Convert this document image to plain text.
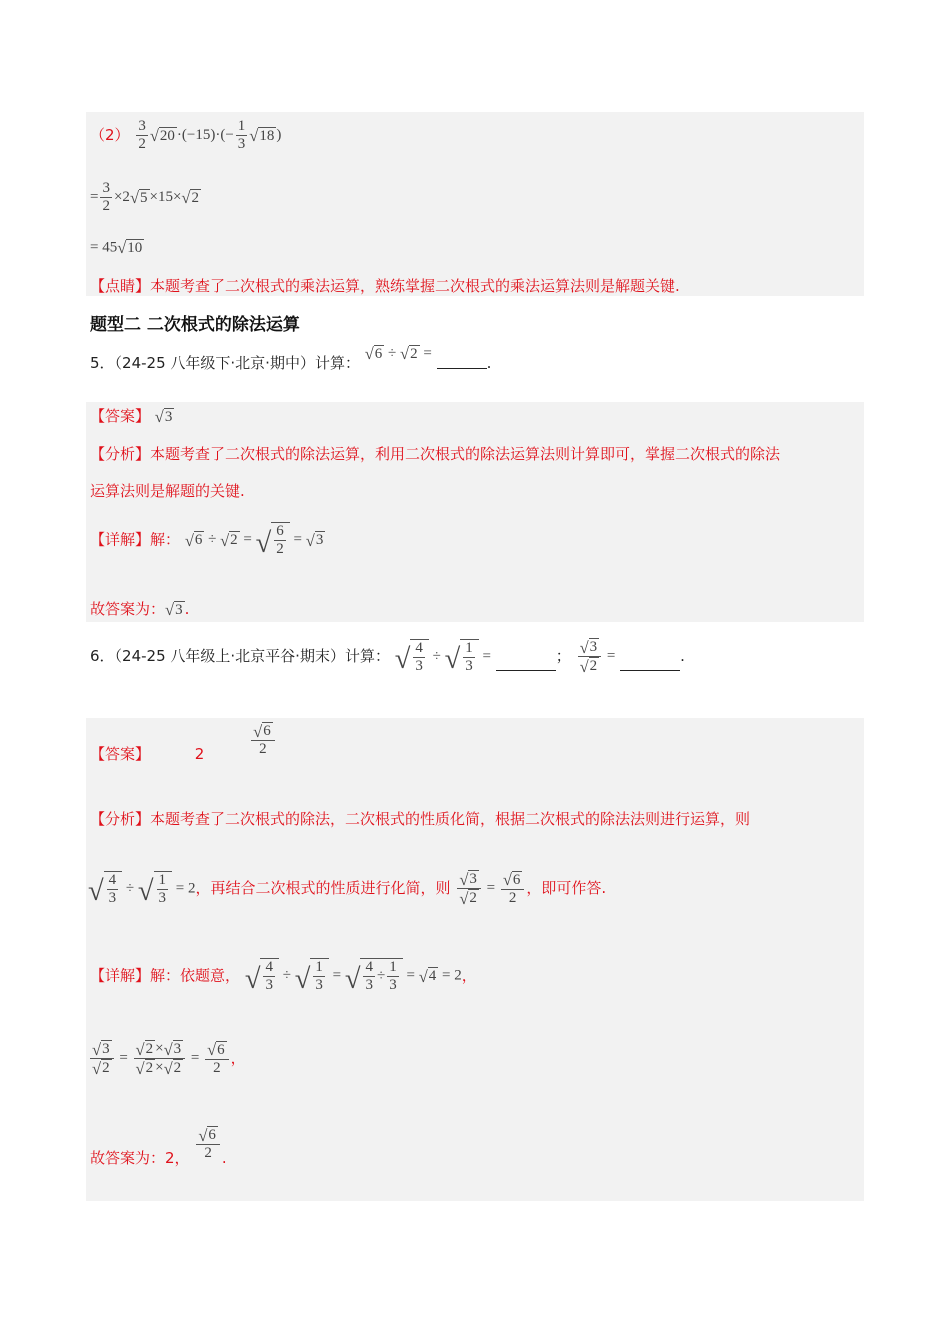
$(2) \frac{3}{2}$ √ $20 \cdot(-15)\cdot(- \frac{1}{3}$ √ 18 )
= $\frac{3}{2} \times 2$ √ 5 ×15× √ 2
= 45 √ 10
【点睛】本题考查了二次根式的乘法运算，熟练掌握二次根式的乘法运算法则是解题关键.
题型二 二次根式的除法运算
5．（24-25 八年级下·北京·期中）计算： √ 6 ÷ √ 2 = .
【答案】 √ 3
【分析】本题考查了二次根式的除法运算，利用二次根式的除法运算法则计算即可，掌握二次根式的除法
运算法则是解题的关键.
【详解】解： √ 6 ÷ √ 2 = √ $\frac{6}{2}$ = √ 3
故答案为： √ 3 .
6．（24-25 八年级上·北京平谷·期末）计算： √ $\frac{4}{3}$ ÷ √ $\frac{1}{3}$ =	； $\frac{√ 3}{√ 2}$ =	.
【答案】	2	$\frac{√ 6}{2}$
【分析】本题考查了二次根式的除法，二次根式的性质化简，根据二次根式的除法法则进行运算，则
√ $\frac{4}{3}$ ÷ √ $\frac{1}{3} = 2$，再结合二次根式的性质进行化简，则 $\frac{√ 3}{√ 2} = \frac{√ 6}{2}$ ，即可作答.
【详解】解：依题意， √ $\frac{4}{3}$ ÷ √ $\frac{1}{3}$ = √ $\frac{4}{3} \div \frac{1}{3}$ = √ 4 = 2，
$\frac{√ 3}{√ 2} = \frac{√ 2 \times √ 3}{√ 2 \times √ 2} = \frac{√ 6}{2}$ ，
故答案为：2， $\frac{√ 6}{2}$ .
